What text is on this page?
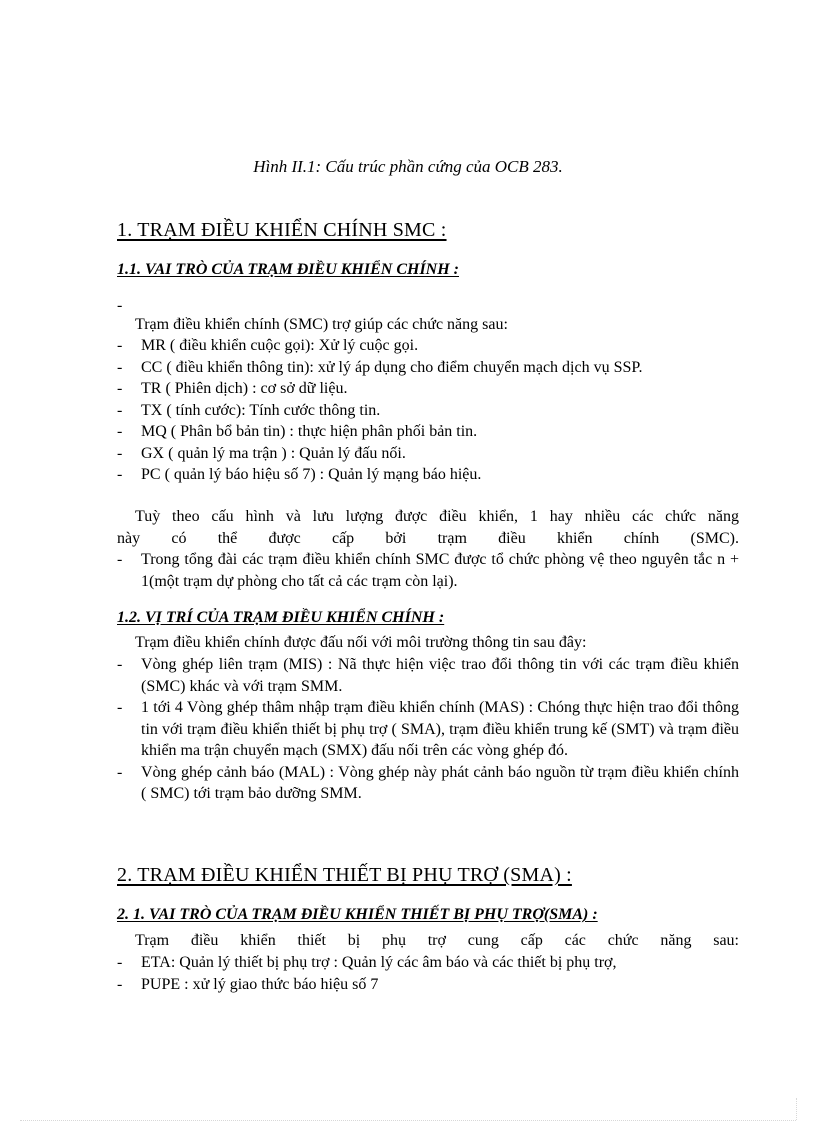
Hình II.1: Cấu trúc phần cứng của OCB 283.
1. TRẠM ĐIỀU KHIỂN CHÍNH SMC :
1.1. VAI TRÒ CỦA TRẠM ĐIỀU KHIỂN CHÍNH :
-
Trạm điều khiển chính (SMC) trợ giúp các chức năng sau:
- MR ( điều khiển cuộc gọi): Xử lý cuộc gọi.
- CC ( điều khiển thông tin): xử lý áp dụng cho điểm chuyển mạch dịch vụ SSP.
- TR ( Phiên dịch) : cơ sở dữ liệu.
- TX ( tính cước): Tính cước thông tin.
- MQ ( Phân bổ bản tin) : thực hiện phân phối bản tin.
- GX ( quản lý ma trận ) : Quản lý đấu nối.
- PC ( quản lý báo hiệu số 7) : Quản lý mạng báo hiệu.
Tuỳ theo cấu hình và lưu lượng được điều khiển, 1 hay nhiều các chức năng
này có thể được cấp bởi trạm điều khiển chính (SMC).
- Trong tổng đài các trạm điều khiển chính SMC được tổ chức phòng vệ theo nguyên tắc n + 1(một trạm dự phòng cho tất cả các trạm còn lại).
1.2. VỊ TRÍ CỦA TRẠM ĐIỀU KHIỂN CHÍNH :
Trạm điều khiển chính được đấu nối với môi trường thông tin sau đây:
- Vòng ghép liên trạm (MIS) : Nã thực hiện việc trao đổi thông tin với các trạm điều khiển (SMC) khác và với trạm SMM.
- 1 tới 4 Vòng ghép thâm nhập trạm điều khiển chính (MAS) : Chóng thực hiện trao đổi thông tin với trạm điều khiển thiết bị phụ trợ ( SMA), trạm điều khiển trung kế (SMT) và trạm điều khiển ma trận chuyển mạch (SMX) đấu nối trên các vòng ghép đó.
- Vòng ghép cảnh báo (MAL) : Vòng ghép này phát cảnh báo nguồn từ trạm điều khiển chính ( SMC) tới trạm bảo dưỡng SMM.
2. TRẠM ĐIỀU KHIỂN THIẾT BỊ PHỤ TRỢ (SMA) :
2. 1. VAI TRÒ CỦA TRẠM ĐIỀU KHIỂN THIẾT BỊ PHỤ TRỢ(SMA) :
Trạm điều khiển thiết bị phụ trợ cung cấp các chức năng sau:
- ETA: Quản lý thiết bị phụ trợ : Quản lý các âm báo và các thiết bị phụ trợ,
- PUPE : xử lý giao thức báo hiệu số 7
